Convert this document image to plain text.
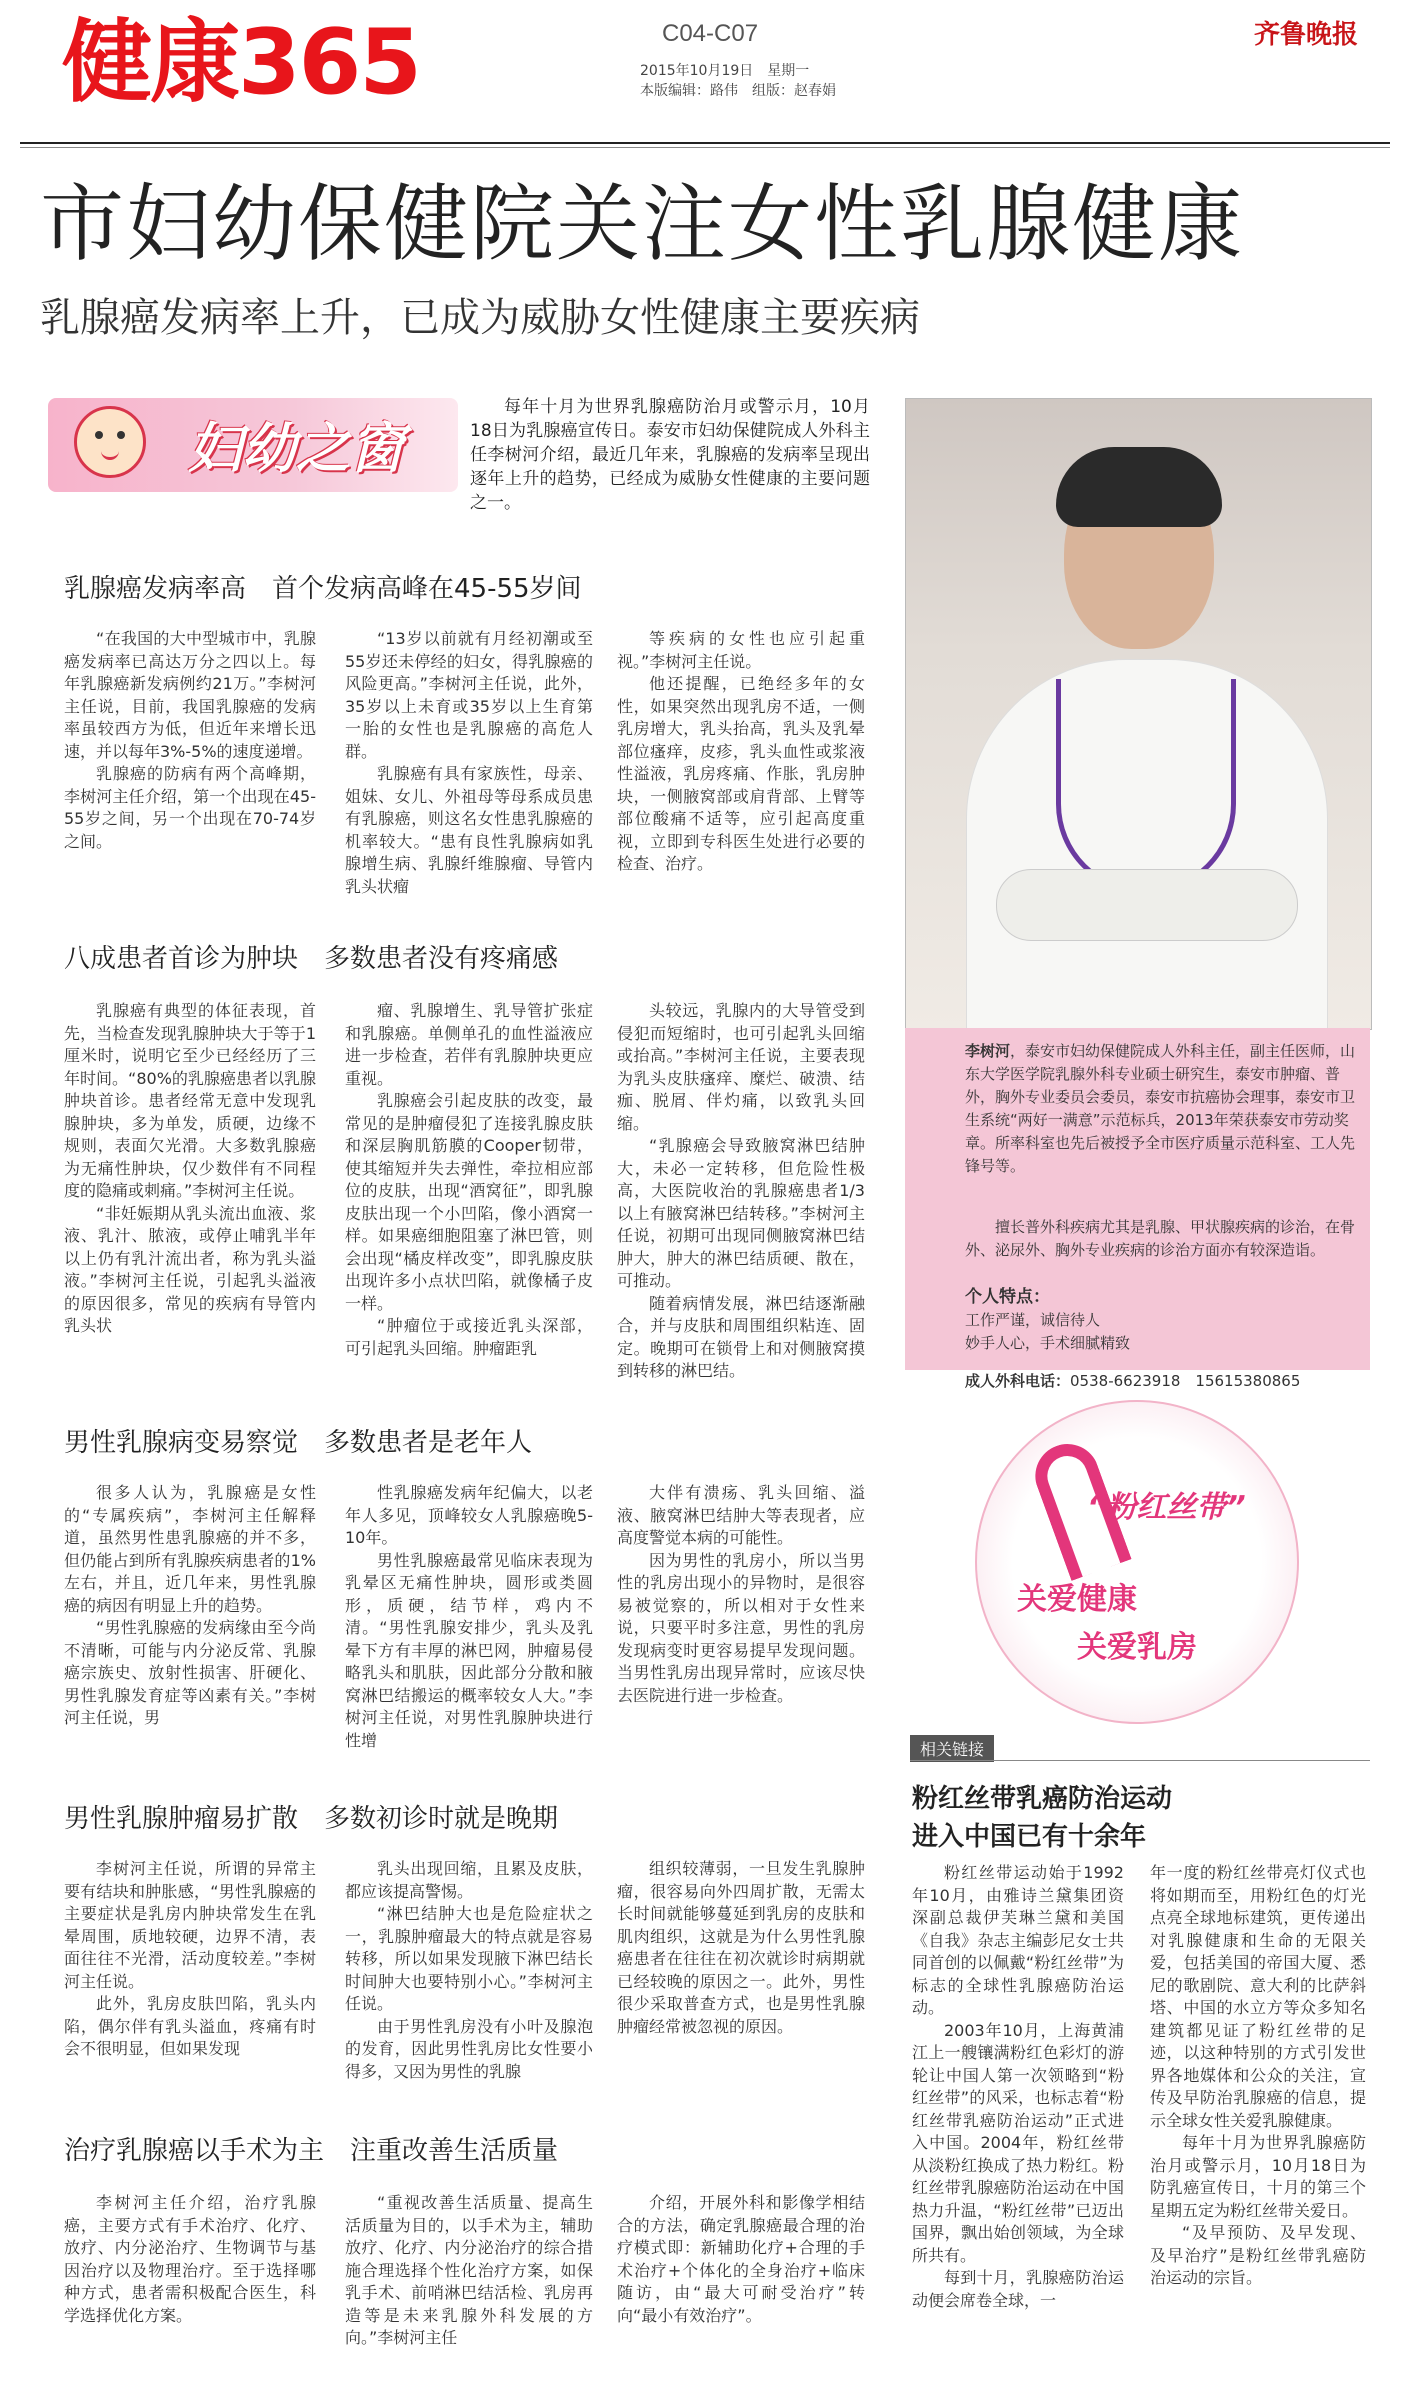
健康365	C04-C07
2015年10月19日　星期一
本版编辑：路伟　组版：赵春娟
齐鲁晚报
市妇幼保健院关注女性乳腺健康
乳腺癌发病率上升，已成为威胁女性健康主要疾病
妇幼之窗
每年十月为世界乳腺癌防治月或警示月，10月18日为乳腺癌宣传日。泰安市妇幼保健院成人外科主任李树河介绍，最近几年来，乳腺癌的发病率呈现出逐年上升的趋势，已经成为威胁女性健康的主要问题之一。
乳腺癌发病率高　首个发病高峰在45-55岁间

“在我国的大中型城市中，乳腺癌发病率已高达万分之四以上。每年乳腺癌新发病例约21万。”李树河主任说，目前，我国乳腺癌的发病率虽较西方为低，但近年来增长迅速，并以每年3%-5%的速度递增。

乳腺癌的防病有两个高峰期，李树河主任介绍，第一个出现在45-55岁之间，另一个出现在70-74岁之间。

“13岁以前就有月经初潮或至55岁还未停经的妇女，得乳腺癌的风险更高。”李树河主任说，此外，35岁以上未育或35岁以上生育第一胎的女性也是乳腺癌的高危人群。

乳腺癌有具有家族性，母亲、姐妹、女儿、外祖母等母系成员患有乳腺癌，则这名女性患乳腺癌的机率较大。“患有良性乳腺病如乳腺增生病、乳腺纤维腺瘤、导管内乳头状瘤

等疾病的女性也应引起重视。”李树河主任说。

他还提醒，已绝经多年的女性，如果突然出现乳房不适，一侧乳房增大，乳头抬高，乳头及乳晕部位瘙痒，皮疹，乳头血性或浆液性溢液，乳房疼痛、作胀，乳房肿块，一侧腋窝部或肩背部、上臂等部位酸痛不适等，应引起高度重视，立即到专科医生处进行必要的检查、治疗。

八成患者首诊为肿块　多数患者没有疼痛感

乳腺癌有典型的体征表现，首先，当检查发现乳腺肿块大于等于1厘米时，说明它至少已经经历了三年时间。“80%的乳腺癌患者以乳腺肿块首诊。患者经常无意中发现乳腺肿块，多为单发，质硬，边缘不规则，表面欠光滑。大多数乳腺癌为无痛性肿块，仅少数伴有不同程度的隐痛或刺痛。”李树河主任说。

“非妊娠期从乳头流出血液、浆液、乳汁、脓液，或停止哺乳半年以上仍有乳汁流出者，称为乳头溢液。”李树河主任说，引起乳头溢液的原因很多，常见的疾病有导管内乳头状

瘤、乳腺增生、乳导管扩张症和乳腺癌。单侧单孔的血性溢液应进一步检查，若伴有乳腺肿块更应重视。

乳腺癌会引起皮肤的改变，最常见的是肿瘤侵犯了连接乳腺皮肤和深层胸肌筋膜的Cooper韧带，使其缩短并失去弹性，牵拉相应部位的皮肤，出现“酒窝征”，即乳腺皮肤出现一个小凹陷，像小酒窝一样。如果癌细胞阻塞了淋巴管，则会出现“橘皮样改变”，即乳腺皮肤出现许多小点状凹陷，就像橘子皮一样。

“肿瘤位于或接近乳头深部，可引起乳头回缩。肿瘤距乳

头较远，乳腺内的大导管受到侵犯而短缩时，也可引起乳头回缩或抬高。”李树河主任说，主要表现为乳头皮肤瘙痒、糜烂、破溃、结痂、脱屑、伴灼痛，以致乳头回缩。

“乳腺癌会导致腋窝淋巴结肿大，未必一定转移，但危险性极高，大医院收治的乳腺癌患者1/3以上有腋窝淋巴结转移。”李树河主任说，初期可出现同侧腋窝淋巴结肿大，肿大的淋巴结质硬、散在，可推动。

随着病情发展，淋巴结逐渐融合，并与皮肤和周围组织粘连、固定。晚期可在锁骨上和对侧腋窝摸到转移的淋巴结。

男性乳腺病变易察觉　多数患者是老年人

很多人认为，乳腺癌是女性的“专属疾病”，李树河主任解释道，虽然男性患乳腺癌的并不多，但仍能占到所有乳腺疾病患者的1%左右，并且，近几年来，男性乳腺癌的病因有明显上升的趋势。

“男性乳腺癌的发病缘由至今尚不清晰，可能与内分泌反常、乳腺癌宗族史、放射性损害、肝硬化、男性乳腺发育症等凶素有关。”李树河主任说，男

性乳腺癌发病年纪偏大，以老年人多见，顶峰较女人乳腺癌晚5-10年。

男性乳腺癌最常见临床表现为乳晕区无痛性肿块，圆形或类圆形，质硬，结节样，鸡内不清。“男性乳腺安排少，乳头及乳晕下方有丰厚的淋巴网，肿瘤易侵略乳头和肌肤，因此部分分散和腋窝淋巴结搬运的概率较女人大。”李树河主任说，对男性乳腺肿块进行性增

大伴有溃疡、乳头回缩、溢液、腋窝淋巴结肿大等表现者，应高度警觉本病的可能性。

因为男性的乳房小，所以当男性的乳房出现小的异物时，是很容易被觉察的，所以相对于女性来说，只要平时多注意，男性的乳房发现病变时更容易提早发现问题。当男性乳房出现异常时，应该尽快去医院进行进一步检查。

男性乳腺肿瘤易扩散　多数初诊时就是晚期

李树河主任说，所谓的异常主要有结块和肿胀感，“男性乳腺癌的主要症状是乳房内肿块常发生在乳晕周围，质地较硬，边界不清，表面往往不光滑，活动度较差。”李树河主任说。

此外，乳房皮肤凹陷，乳头内陷，偶尔伴有乳头溢血，疼痛有时会不很明显，但如果发现

乳头出现回缩，且累及皮肤，都应该提高警惕。

“淋巴结肿大也是危险症状之一，乳腺肿瘤最大的特点就是容易转移，所以如果发现腋下淋巴结长时间肿大也要特别小心。”李树河主任说。

由于男性乳房没有小叶及腺泡的发育，因此男性乳房比女性要小得多，又因为男性的乳腺

组织较薄弱，一旦发生乳腺肿瘤，很容易向外四周扩散，无需太长时间就能够蔓延到乳房的皮肤和肌肉组织，这就是为什么男性乳腺癌患者在往往在初次就诊时病期就已经较晚的原因之一。此外，男性很少采取普查方式，也是男性乳腺肿瘤经常被忽视的原因。

治疗乳腺癌以手术为主　注重改善生活质量

李树河主任介绍，治疗乳腺癌，主要方式有手术治疗、化疗、放疗、内分泌治疗、生物调节与基因治疗以及物理治疗。至于选择哪种方式，患者需积极配合医生，科学选择优化方案。

“重视改善生活质量、提高生活质量为目的，以手术为主，辅助放疗、化疗、内分泌治疗的综合措施合理选择个性化治疗方案，如保乳手术、前哨淋巴结活检、乳房再造等是未来乳腺外科发展的方向。”李树河主任

介绍，开展外科和影像学相结合的方法，确定乳腺癌最合理的治疗模式即：新辅助化疗+合理的手术治疗+个体化的全身治疗+临床随访，由“最大可耐受治疗”转向“最小有效治疗”。

李树河，泰安市妇幼保健院成人外科主任，副主任医师，山东大学医学院乳腺外科专业硕士研究生，泰安市肿瘤、普外，胸外专业委员会委员，泰安市抗癌协会理事，泰安市卫生系统“两好一满意”示范标兵，2013年荣获泰安市劳动奖章。所率科室也先后被授予全市医疗质量示范科室、工人先锋号等。
擅长普外科疾病尤其是乳腺、甲状腺疾病的诊治，在骨外、泌尿外、胸外专业疾病的诊治方面亦有较深造诣。
个人特点：
工作严谨，诚信待人
妙手人心，手术细腻精致
成人外科电话：0538-6623918　15615380865
“粉红丝带”
关爱健康
关爱乳房
相关链接
粉红丝带乳癌防治运动
进入中国已有十余年

粉红丝带运动始于1992年10月，由雅诗兰黛集团资深副总裁伊芙琳兰黛和美国《自我》杂志主编彭尼女士共同首创的以佩戴“粉红丝带”为标志的全球性乳腺癌防治运动。

2003年10月，上海黄浦江上一艘镶满粉红色彩灯的游轮让中国人第一次领略到“粉红丝带”的风采，也标志着“粉红丝带乳癌防治运动”正式进入中国。2004年，粉红丝带从淡粉红换成了热力粉红。粉红丝带乳腺癌防治运动在中国热力升温，“粉红丝带”已迈出国界，飘出始创领域，为全球所共有。

每到十月，乳腺癌防治运动便会席卷全球，一

年一度的粉红丝带亮灯仪式也将如期而至，用粉红色的灯光点亮全球地标建筑，更传递出对乳腺健康和生命的无限关爱，包括美国的帝国大厦、悉尼的歌剧院、意大利的比萨斜塔、中国的水立方等众多知名建筑都见证了粉红丝带的足迹，以这种特别的方式引发世界各地媒体和公众的关注，宣传及早防治乳腺癌的信息，提示全球女性关爱乳腺健康。

每年十月为世界乳腺癌防治月或警示月，10月18日为防乳癌宣传日，十月的第三个星期五定为粉红丝带关爱日。

“及早预防、及早发现、及早治疗”是粉红丝带乳癌防治运动的宗旨。
